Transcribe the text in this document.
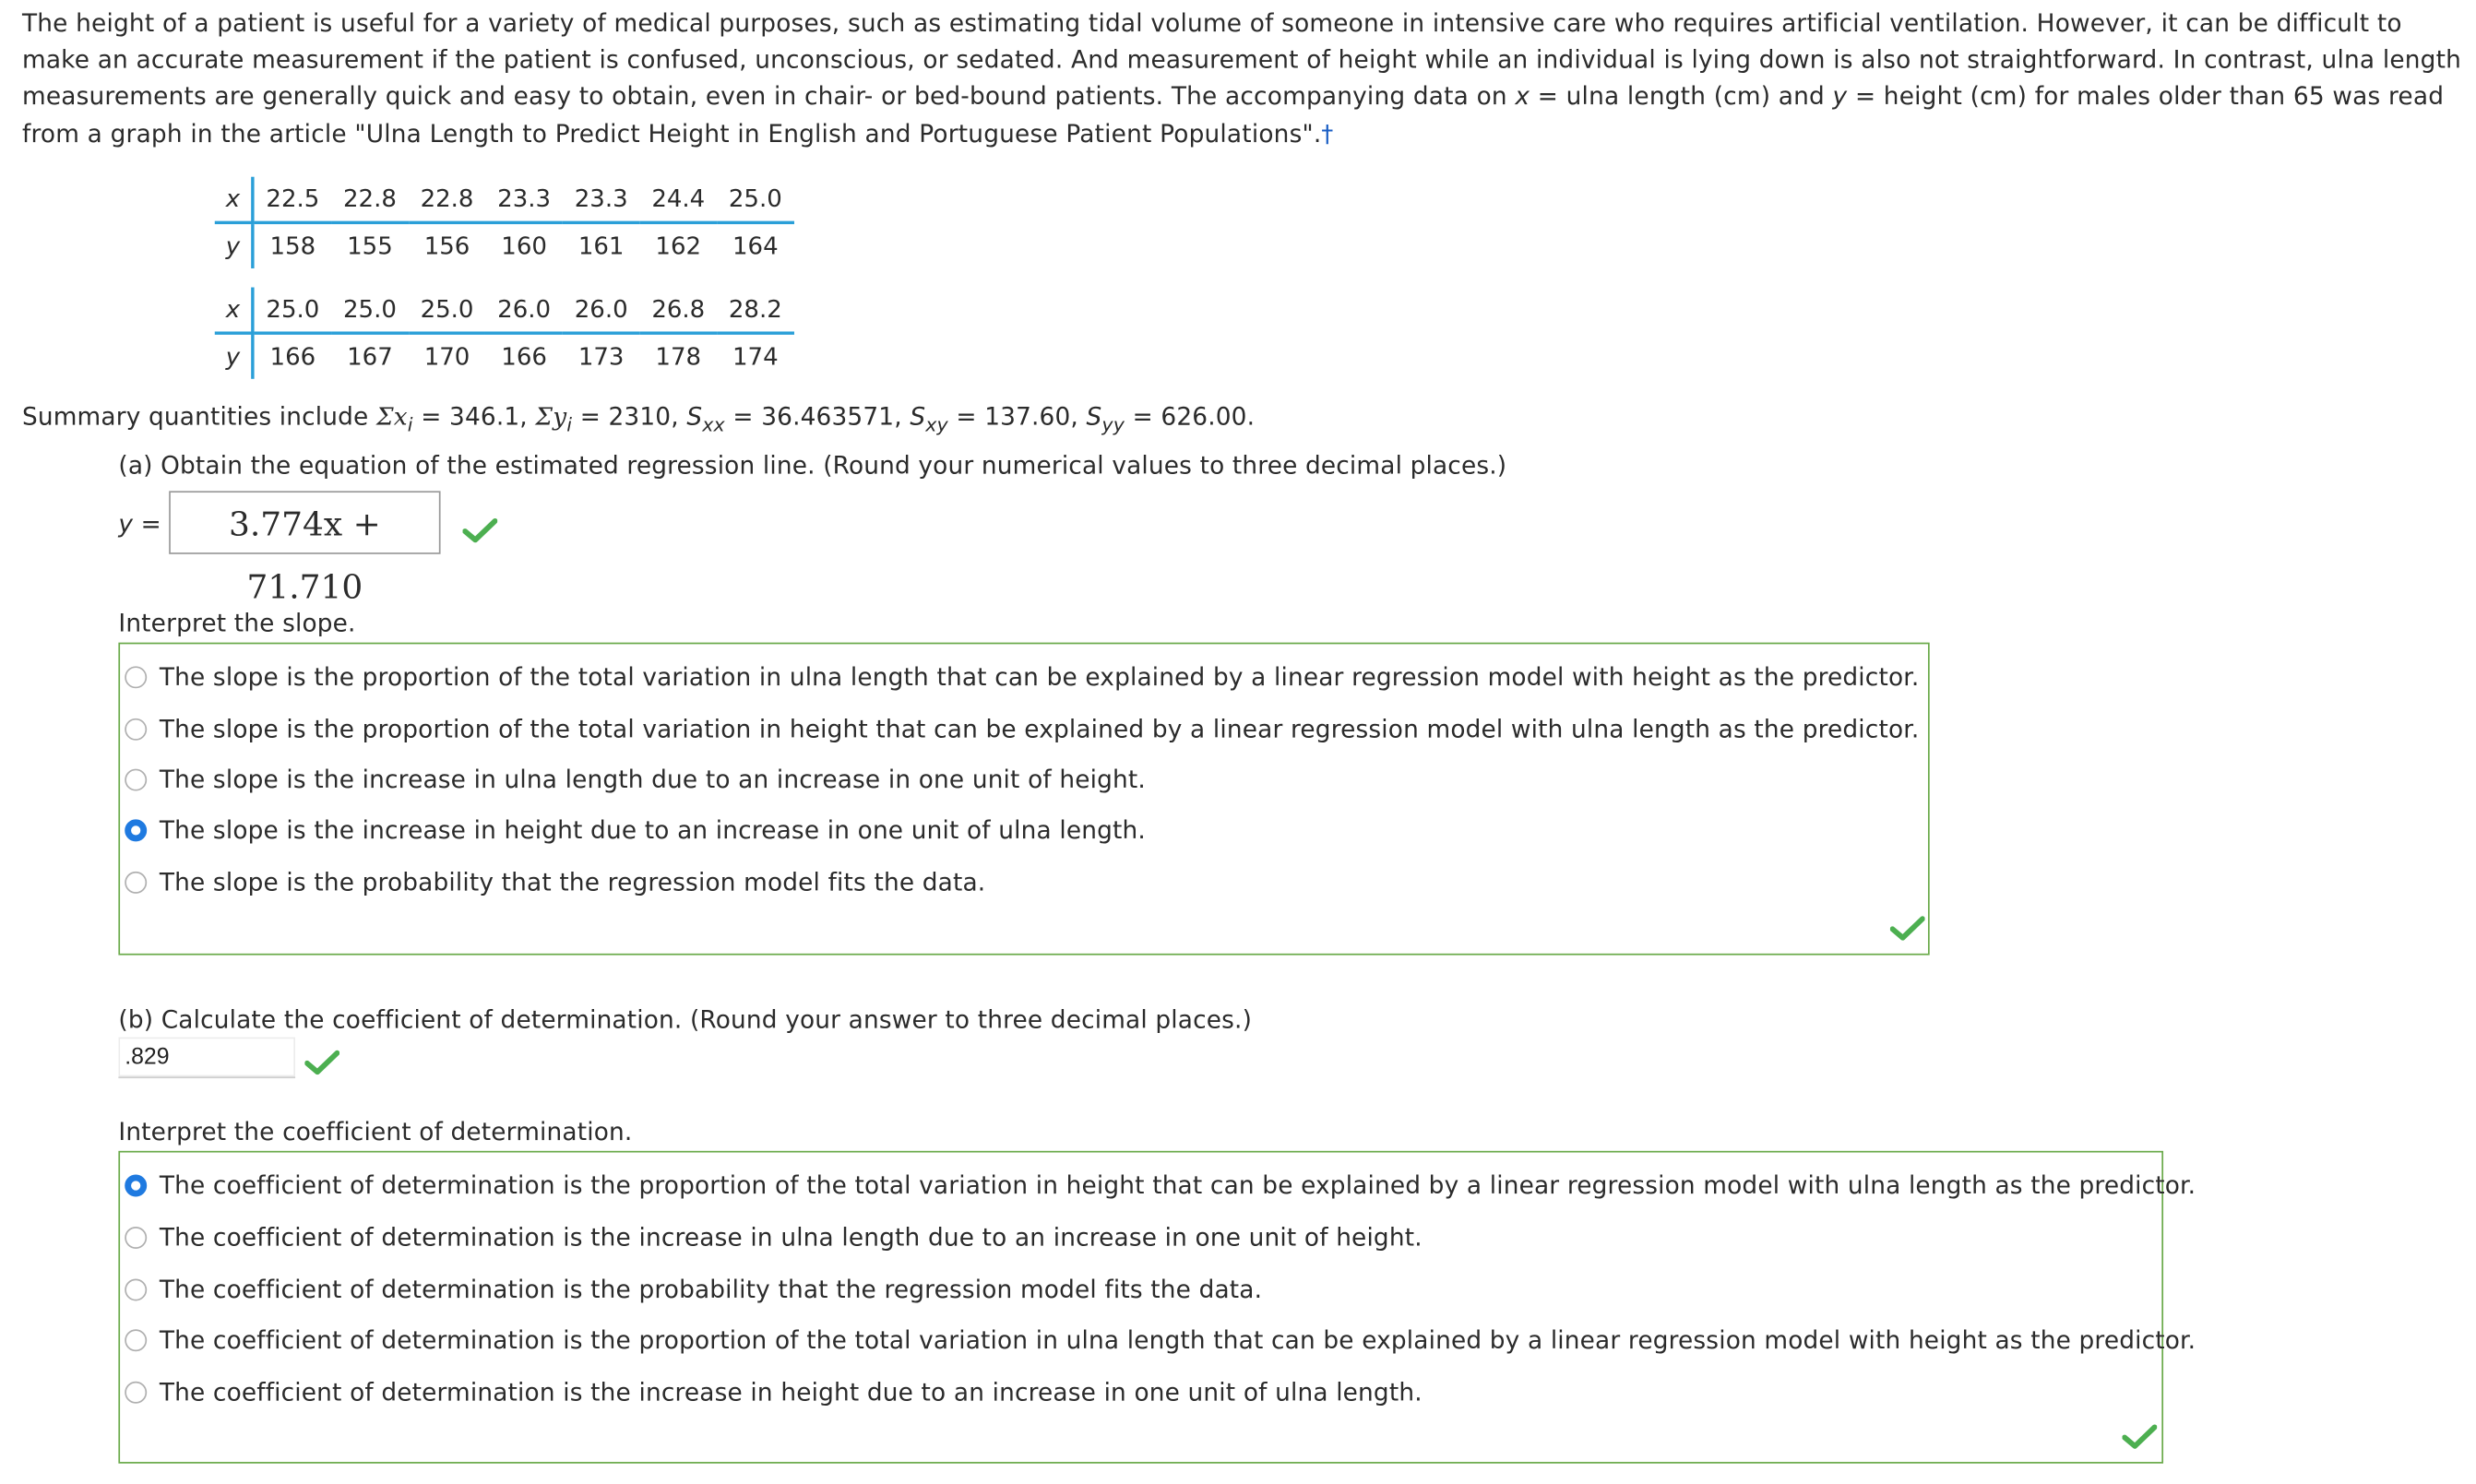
The height of a patient is useful for a variety of medical purposes, such as estimating tidal volume of someone in intensive care who requires artificial ventilation. However, it can be difficult to make an accurate measurement if the patient is confused, unconscious, or sedated. And measurement of height while an individual is lying down is also not straightforward. In contrast, ulna length measurements are generally quick and easy to obtain, even in chair- or bed-bound patients. The accompanying data on x = ulna length (cm) and y = height (cm) for males older than 65 was read from a graph in the article "Ulna Length to Predict Height in English and Portuguese Patient Populations".†
x	22.5	22.8	22.8	23.3	23.3	24.4	25.0
y	158	155	156	160	161	162	164
x	25.0	25.0	25.0	26.0	26.0	26.8	28.2
y	166	167	170	166	173	178	174
Summary quantities include $\Sigma x_i = 346.1$, $\Sigma y_i = 2310$, $S_{xx} = 36.463571$, $S_{xy} = 137.60$, $S_{yy} = 626.00$.
(a) Obtain the equation of the estimated regression line. (Round your numerical values to three decimal places.)
y =	3.774x + 71.710
Interpret the slope.
The slope is the proportion of the total variation in ulna length that can be explained by a linear regression model with height as the predictor.
The slope is the proportion of the total variation in height that can be explained by a linear regression model with ulna length as the predictor.
The slope is the increase in ulna length due to an increase in one unit of height.
The slope is the increase in height due to an increase in one unit of ulna length.
The slope is the probability that the regression model fits the data.
(b) Calculate the coefficient of determination. (Round your answer to three decimal places.)
.829
Interpret the coefficient of determination.
The coefficient of determination is the proportion of the total variation in height that can be explained by a linear regression model with ulna length as the predictor.
The coefficient of determination is the increase in ulna length due to an increase in one unit of height.
The coefficient of determination is the probability that the regression model fits the data.
The coefficient of determination is the proportion of the total variation in ulna length that can be explained by a linear regression model with height as the predictor.
The coefficient of determination is the increase in height due to an increase in one unit of ulna length.
